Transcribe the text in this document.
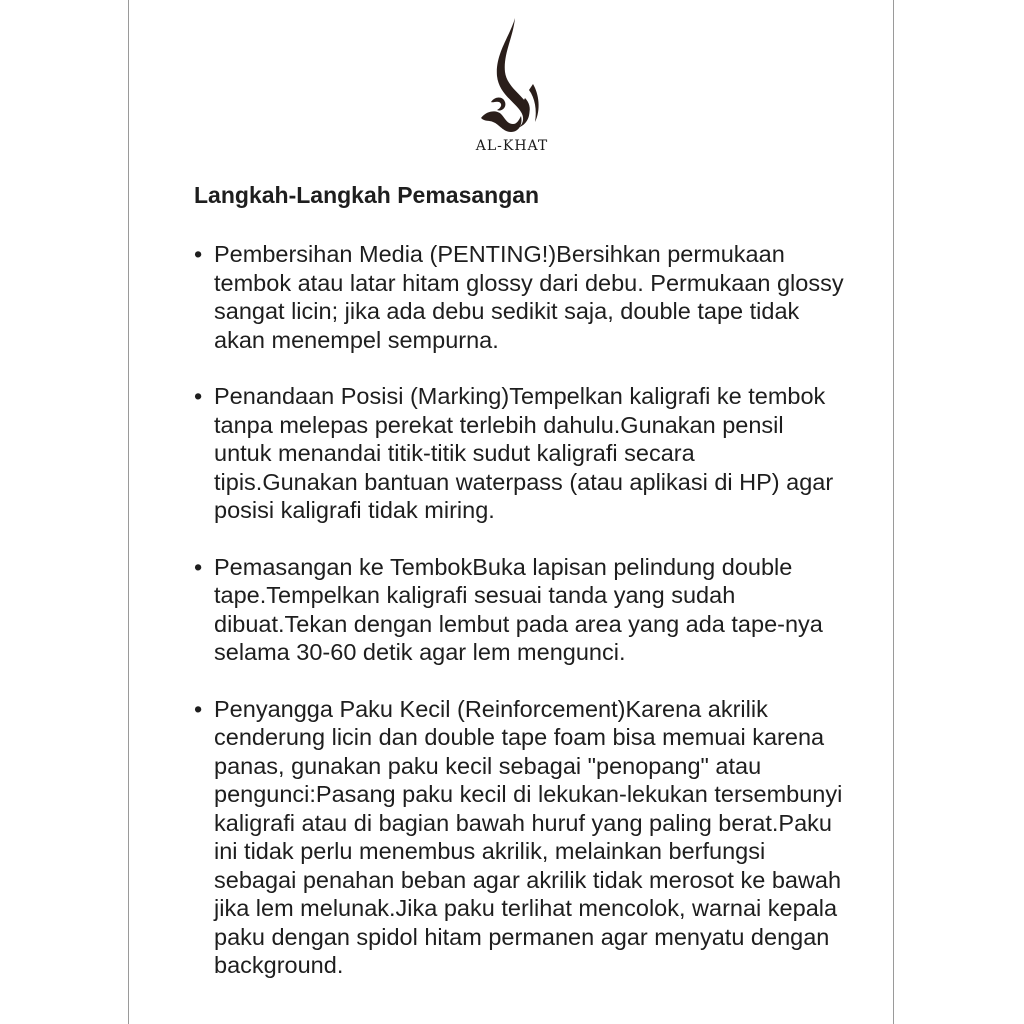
AL-KHAT
Langkah-Langkah Pemasangan
• Pembersihan Media (PENTING!)Bersihkan permukaan tembok atau latar hitam glossy dari debu. Permukaan glossy sangat licin; jika ada debu sedikit saja, double tape tidak akan menempel sempurna.
• Penandaan Posisi (Marking)Tempelkan kaligrafi ke tembok tanpa melepas perekat terlebih dahulu.Gunakan pensil untuk menandai titik-titik sudut kaligrafi secara tipis.Gunakan bantuan waterpass (atau aplikasi di HP) agar posisi kaligrafi tidak miring.
• Pemasangan ke TembokBuka lapisan pelindung double tape.Tempelkan kaligrafi sesuai tanda yang sudah dibuat.Tekan dengan lembut pada area yang ada tape-nya selama 30-60 detik agar lem mengunci.
• Penyangga Paku Kecil (Reinforcement)Karena akrilik cenderung licin dan double tape foam bisa memuai karena panas, gunakan paku kecil sebagai "penopang" atau pengunci:Pasang paku kecil di lekukan-lekukan tersembunyi kaligrafi atau di bagian bawah huruf yang paling berat.Paku ini tidak perlu menembus akrilik, melainkan berfungsi sebagai penahan beban agar akrilik tidak merosot ke bawah jika lem melunak.Jika paku terlihat mencolok, warnai kepala paku dengan spidol hitam permanen agar menyatu dengan background.
